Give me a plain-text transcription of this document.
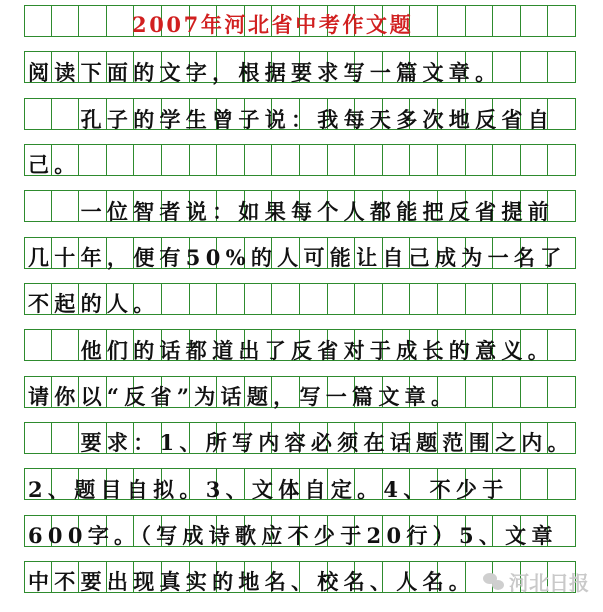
2007年河北省中考作文题
阅读下面的文字，根据要求写一篇文章。
　　孔子的学生曾子说：我每天多次地反省自
己。
　　一位智者说：如果每个人都能把反省提前
几十年，便有50%的人可能让自己成为一名了
不起的人。
　　他们的话都道出了反省对于成长的意义。
请你以“反省”为话题，写一篇文章。
　　要求：1、所写内容必须在话题范围之内。
2、题目自拟。3、文体自定。4、不少于
600字。（写成诗歌应不少于20行）5、文章
中不要出现真实的地名、校名、人名。 河北日报
